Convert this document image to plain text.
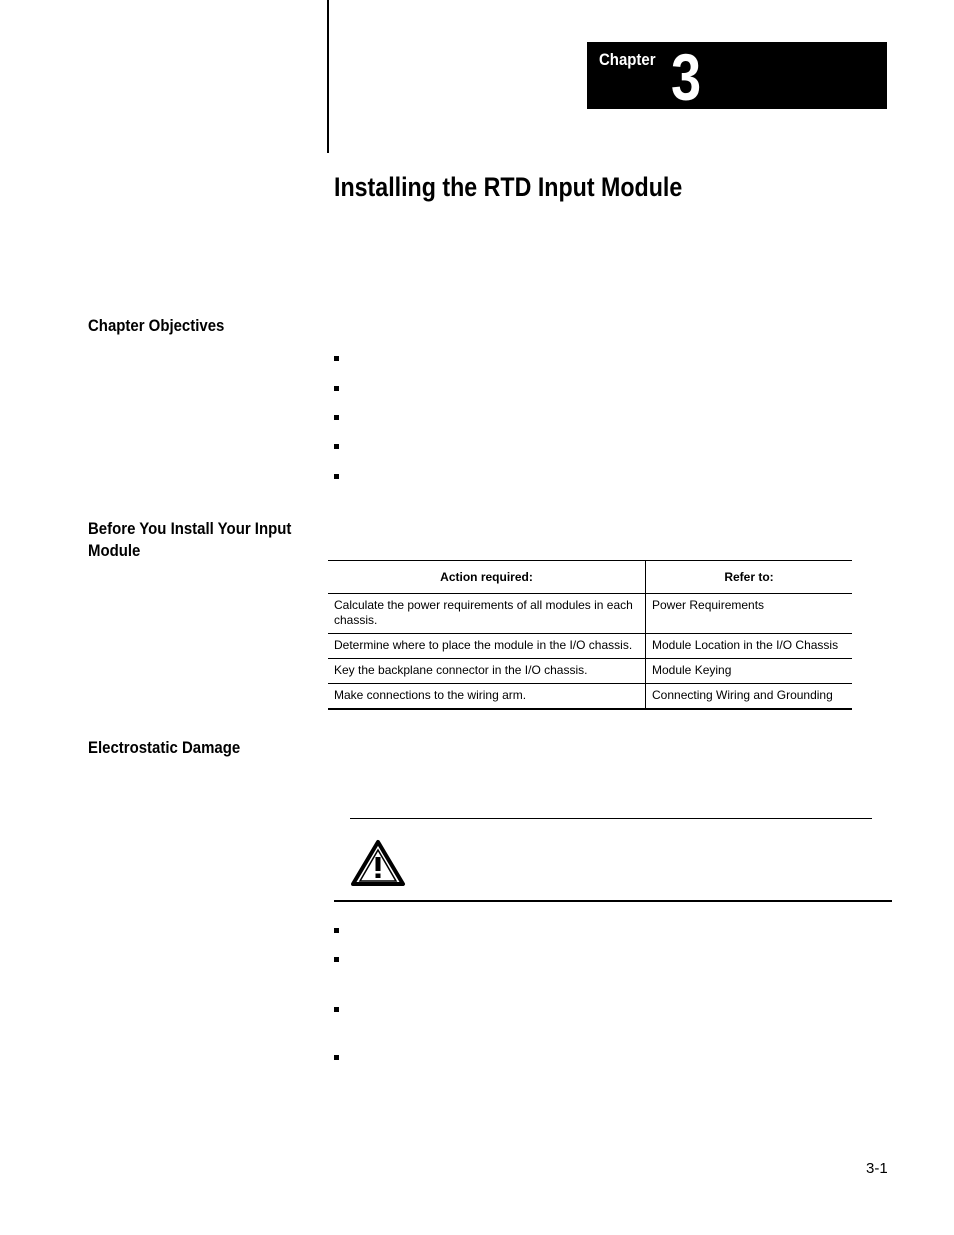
Chapter 3
Installing the RTD Input Module
Chapter Objectives
Before You Install Your Input
Module
Action required:	Refer to:

Calculate the power requirements of all modules in each
chassis.	Power Requirements
Determine where to place the module in the I/O chassis.	Module Location in the I/O Chassis
Key the backplane connector in the I/O chassis.	Module Keying
Make connections to the wiring arm.	Connecting Wiring and Grounding
Electrostatic Damage
3-1
